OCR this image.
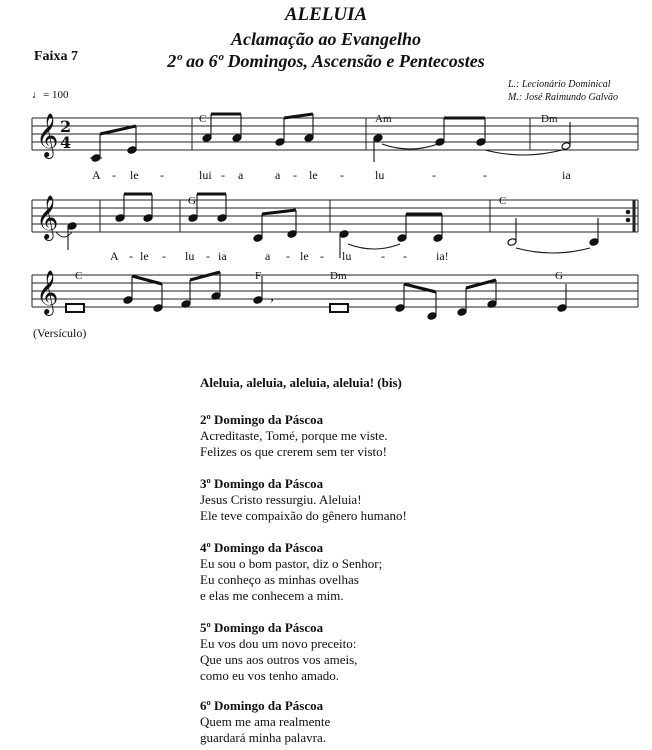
ALELUIA
Aclamação ao Evangelho
2º ao 6º Domingos, Ascensão e Pentecostes
Faixa 7
♩= 100
L.: Lecionário Dominical
M.: José Raimundo Galvão
𝄞
𝄞
𝄞
2
4
,
C	Am	Dm
G	C
C	F	Dm	G
A - le -	lui - a	a - le -	lu	-	-	ia
A - le - lu - ia	a - le - lu - - ia!
(Versículo)
Aleluia, aleluia, aleluia, aleluia! (bis)
2º Domingo da Páscoa
Acreditaste, Tomé, porque me viste.
Felizes os que crerem sem ter visto!
3º Domingo da Páscoa
Jesus Cristo ressurgiu. Aleluia!
Ele teve compaixão do gênero humano!
4º Domingo da Páscoa
Eu sou o bom pastor, diz o Senhor;
Eu conheço as minhas ovelhas
e elas me conhecem a mim.
5º Domingo da Páscoa
Eu vos dou um novo preceito:
Que uns aos outros vos ameis,
como eu vos tenho amado.
6º Domingo da Páscoa
Quem me ama realmente
guardará minha palavra.
